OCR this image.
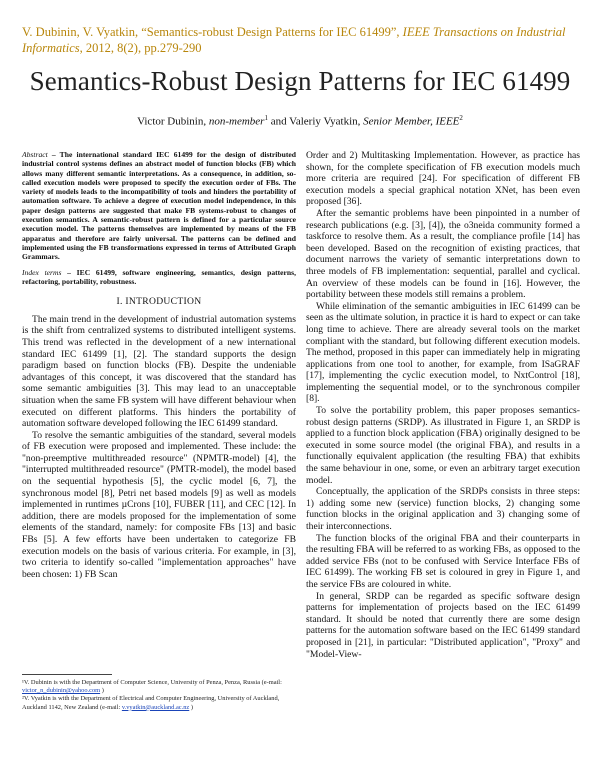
V. Dubinin, V. Vyatkin, “Semantics-robust Design Patterns for IEC 61499”, IEEE Transactions on Industrial Informatics, 2012, 8(2), pp.279-290
Semantics-Robust Design Patterns for IEC 61499
Victor Dubinin, non-member$^1$ and Valeriy Vyatkin, Senior Member, IEEE$^2$

Abstract – The international standard IEC 61499 for the design of distributed industrial control systems defines an abstract model of function blocks (FB) which allows many different semantic interpretations. As a consequence, in addition, so-called execution models were proposed to specify the execution order of FBs. The variety of models leads to the incompatibility of tools and hinders the portability of automation software. To achieve a degree of execution model independence, in this paper design patterns are suggested that make FB systems-robust to changes of execution semantics. A semantic-robust pattern is defined for a particular source execution model. The patterns themselves are implemented by means of the FB apparatus and therefore are fairly universal. The patterns can be defined and implemented using the FB transformations expressed in terms of Attributed Graph Grammars.

Index terms – IEC 61499, software engineering, semantics, design patterns, refactoring, portability, robustness.

I. INTRODUCTION

The main trend in the development of industrial automation systems is the shift from centralized systems to distributed intelligent systems. This trend was reflected in the development of a new international standard IEC 61499 [1], [2]. The standard supports the design paradigm based on function blocks (FB). Despite the undeniable advantages of this concept, it was discovered that the standard has some semantic ambiguities [3]. This may lead to an unacceptable situation when the same FB system will have different behaviour when executed on different platforms. This hinders the portability of automation software developed following the IEC 61499 standard.

To resolve the semantic ambiguities of the standard, several models of FB execution were proposed and implemented. These include: the "non-preemptive multithreaded resource" (NPMTR-model) [4], the "interrupted multithreaded resource" (PMTR-model), the model based on the sequential hypothesis [5], the cyclic model [6, 7], the synchronous model [8], Petri net based models [9] as well as models implemented in runtimes µCrons [10], FUBER [11], and CEC [12]. In addition, there are models proposed for the implementation of some elements of the standard, namely: for composite FBs [13] and basic FBs [5]. A few efforts have been undertaken to categorize FB execution models on the basis of various criteria. For example, in [3], two criteria to identify so-called "implementation approaches" have been chosen: 1) FB Scan

Order and 2) Multitasking Implementation. However, as practice has shown, for the complete specification of FB execution models much more criteria are required [24]. For specification of different FB execution models a special graphical notation XNet, has been even proposed [36].

After the semantic problems have been pinpointed in a number of research publications (e.g. [3], [4]), the o3neida community formed a taskforce to resolve them. As a result, the compliance profile [14] has been developed. Based on the recognition of existing practices, that document narrows the variety of semantic interpretations down to three models of FB implementation: sequential, parallel and cyclical. An overview of these models can be found in [16]. However, the portability between these models still remains a problem.

While elimination of the semantic ambiguities in IEC 61499 can be seen as the ultimate solution, in practice it is hard to expect or can take long time to achieve. There are already several tools on the market compliant with the standard, but following different execution models. The method, proposed in this paper can immediately help in migrating applications from one tool to another, for example, from ISaGRAF [17], implementing the cyclic execution model, to NxtControl [18], implementing the sequential model, or to the synchronous compiler [8].

To solve the portability problem, this paper proposes semantics-robust design patterns (SRDP). As illustrated in Figure 1, an SRDP is applied to a function block application (FBA) originally designed to be executed in some source model (the original FBA), and results in a functionally equivalent application (the resulting FBA) that exhibits the same behaviour in one, some, or even an arbitrary target execution model.

Conceptually, the application of the SRDPs consists in three steps: 1) adding some new (service) function blocks, 2) changing some function blocks in the original application and 3) changing some of their interconnections.

The function blocks of the original FBA and their counterparts in the resulting FBA will be referred to as working FBs, as opposed to the added service FBs (not to be confused with Service Interface FBs of IEC 61499). The working FB set is coloured in grey in Figure 1, and the service FBs are coloured in white.

In general, SRDP can be regarded as specific software design patterns for implementation of projects based on the IEC 61499 standard. It should be noted that currently there are some design patterns for the automation software based on the IEC 61499 standard proposed in [21], in particular: "Distributed application", "Proxy" and "Model-View-

¹V. Dubinin is with the Department of Computer Science, University of Penza, Penza, Russia (e-mail: victor_n_dubinin@yahoo.com )
²V. Vyatkin is with the Department of Electrical and Computer Engineering, University of Auckland, Auckland 1142, New Zealand (e-mail: v.vyatkin@auckland.ac.nz )
